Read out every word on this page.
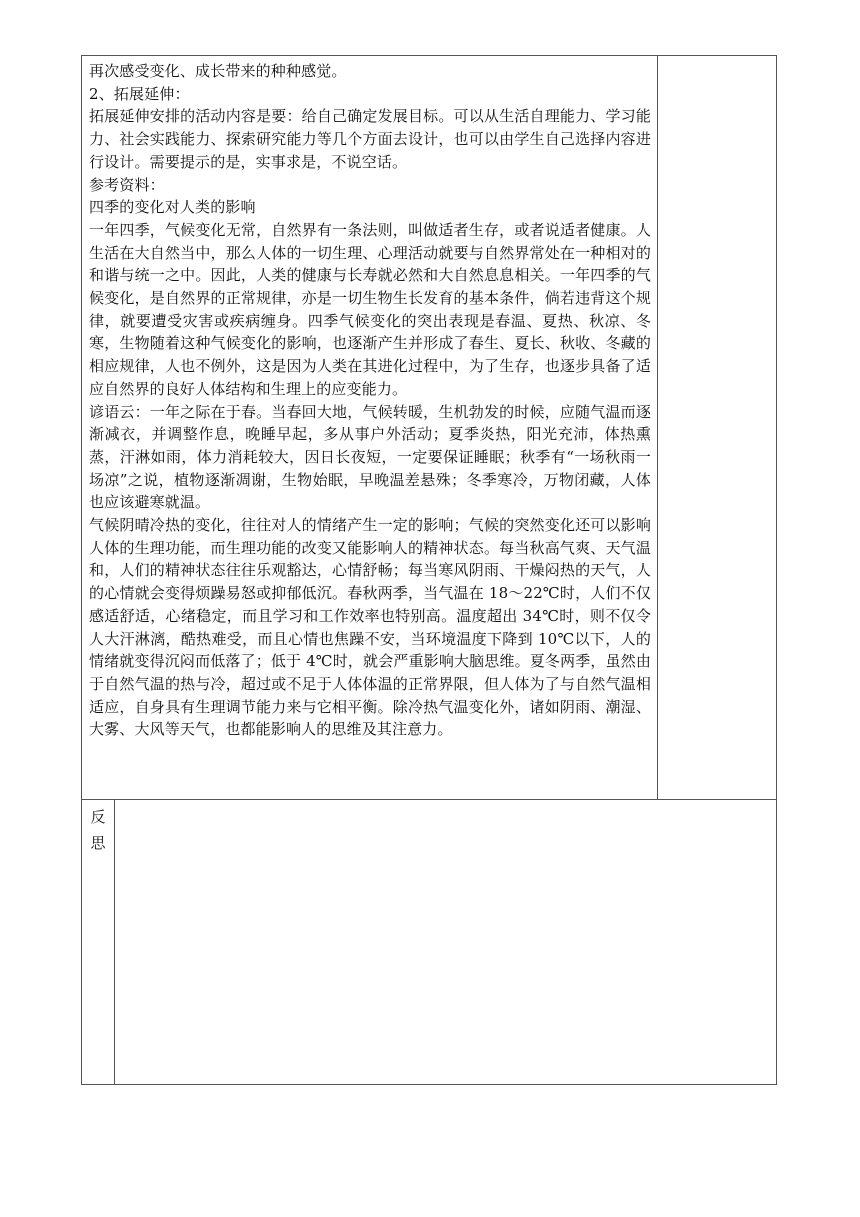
再次感受变化、成长带来的种种感觉。

2、拓展延伸：

拓展延伸安排的活动内容是要：给自己确定发展目标。可以从生活自理能力、学习能力、社会实践能力、探索研究能力等几个方面去设计，也可以由学生自己选择内容进行设计。需要提示的是，实事求是，不说空话。

参考资料：

四季的变化对人类的影响

一年四季，气候变化无常，自然界有一条法则，叫做适者生存，或者说适者健康。人生活在大自然当中，那么人体的一切生理、心理活动就要与自然界常处在一种相对的和谐与统一之中。因此，人类的健康与长寿就必然和大自然息息相关。一年四季的气候变化，是自然界的正常规律，亦是一切生物生长发育的基本条件，倘若违背这个规律，就要遭受灾害或疾病缠身。四季气候变化的突出表现是春温、夏热、秋凉、冬寒，生物随着这种气候变化的影响，也逐渐产生并形成了春生、夏长、秋收、冬藏的相应规律，人也不例外，这是因为人类在其进化过程中，为了生存，也逐步具备了适应自然界的良好人体结构和生理上的应变能力。

谚语云：一年之际在于春。当春回大地，气候转暖，生机勃发的时候，应随气温而逐渐减衣，并调整作息，晚睡早起，多从事户外活动；夏季炎热，阳光充沛，体热熏蒸，汗淋如雨，体力消耗较大，因日长夜短，一定要保证睡眠；秋季有“一场秋雨一场凉”之说，植物逐渐凋谢，生物始眠，早晚温差悬殊；冬季寒冷，万物闭藏，人体也应该避寒就温。

气候阴晴冷热的变化，往往对人的情绪产生一定的影响；气候的突然变化还可以影响人体的生理功能，而生理功能的改变又能影响人的精神状态。每当秋高气爽、天气温和，人们的精神状态往往乐观豁达，心情舒畅；每当寒风阴雨、干燥闷热的天气，人的心情就会变得烦躁易怒或抑郁低沉。春秋两季，当气温在 18～22℃时，人们不仅感适舒适，心绪稳定，而且学习和工作效率也特别高。温度超出 34℃时，则不仅令人大汗淋漓，酷热难受，而且心情也焦躁不安，当环境温度下降到 10℃以下，人的情绪就变得沉闷而低落了；低于 4℃时，就会严重影响大脑思维。夏冬两季，虽然由于自然气温的热与冷，超过或不足于人体体温的正常界限，但人体为了与自然气温相适应，自身具有生理调节能力来与它相平衡。除冷热气温变化外，诸如阴雨、潮湿、大雾、大风等天气，也都能影响人的思维及其注意力。

反
思
